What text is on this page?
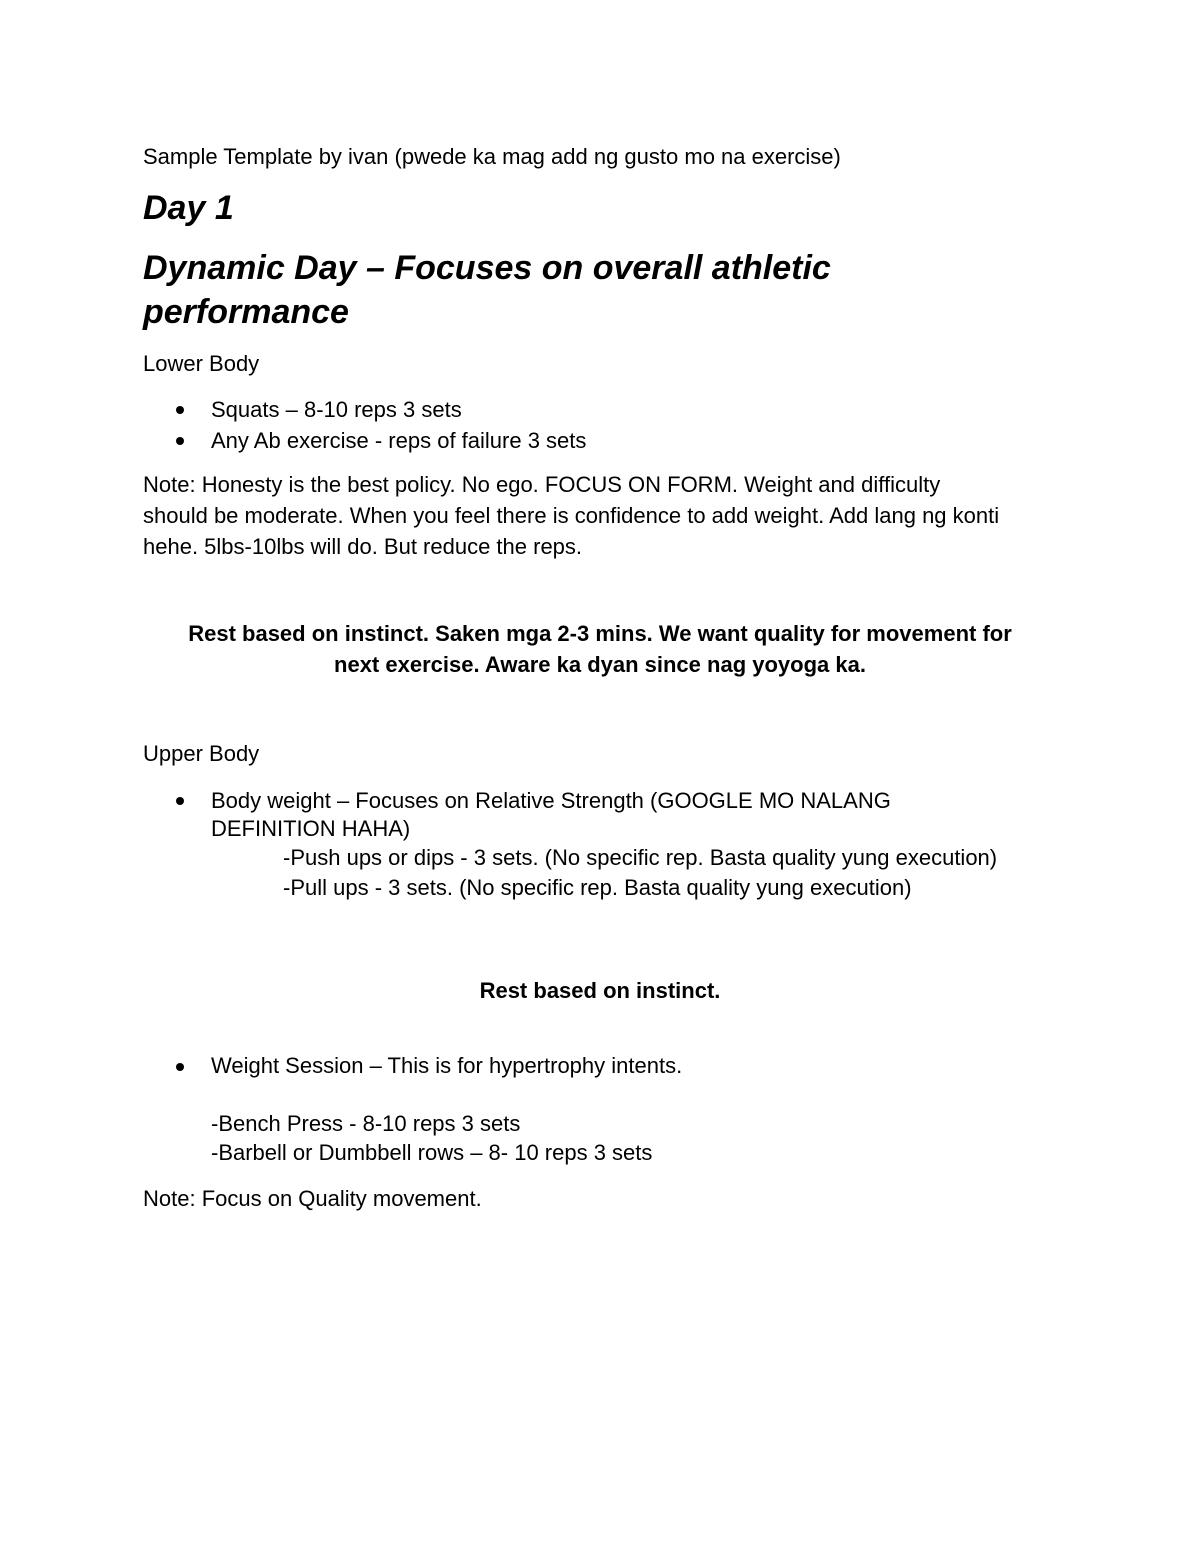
Sample Template by ivan (pwede ka mag add ng gusto mo na exercise)
Day 1
Dynamic Day – Focuses on overall athletic
performance
Lower Body
Squats – 8-10 reps 3 sets
Any Ab exercise - reps of failure 3 sets
Note: Honesty is the best policy. No ego. FOCUS ON FORM. Weight and difficulty
should be moderate. When you feel there is confidence to add weight. Add lang ng konti
hehe. 5lbs-10lbs will do. But reduce the reps.
Rest based on instinct. Saken mga 2-3 mins. We want quality for movement for
next exercise. Aware ka dyan since nag yoyoga ka.
Upper Body
Body weight – Focuses on Relative Strength (GOOGLE MO NALANG
DEFINITION HAHA)
-Push ups or dips - 3 sets. (No specific rep. Basta quality yung execution)
-Pull ups - 3 sets. (No specific rep. Basta quality yung execution)
Rest based on instinct.
Weight Session – This is for hypertrophy intents.
-Bench Press - 8-10 reps 3 sets
-Barbell or Dumbbell rows – 8- 10 reps 3 sets
Note: Focus on Quality movement.
